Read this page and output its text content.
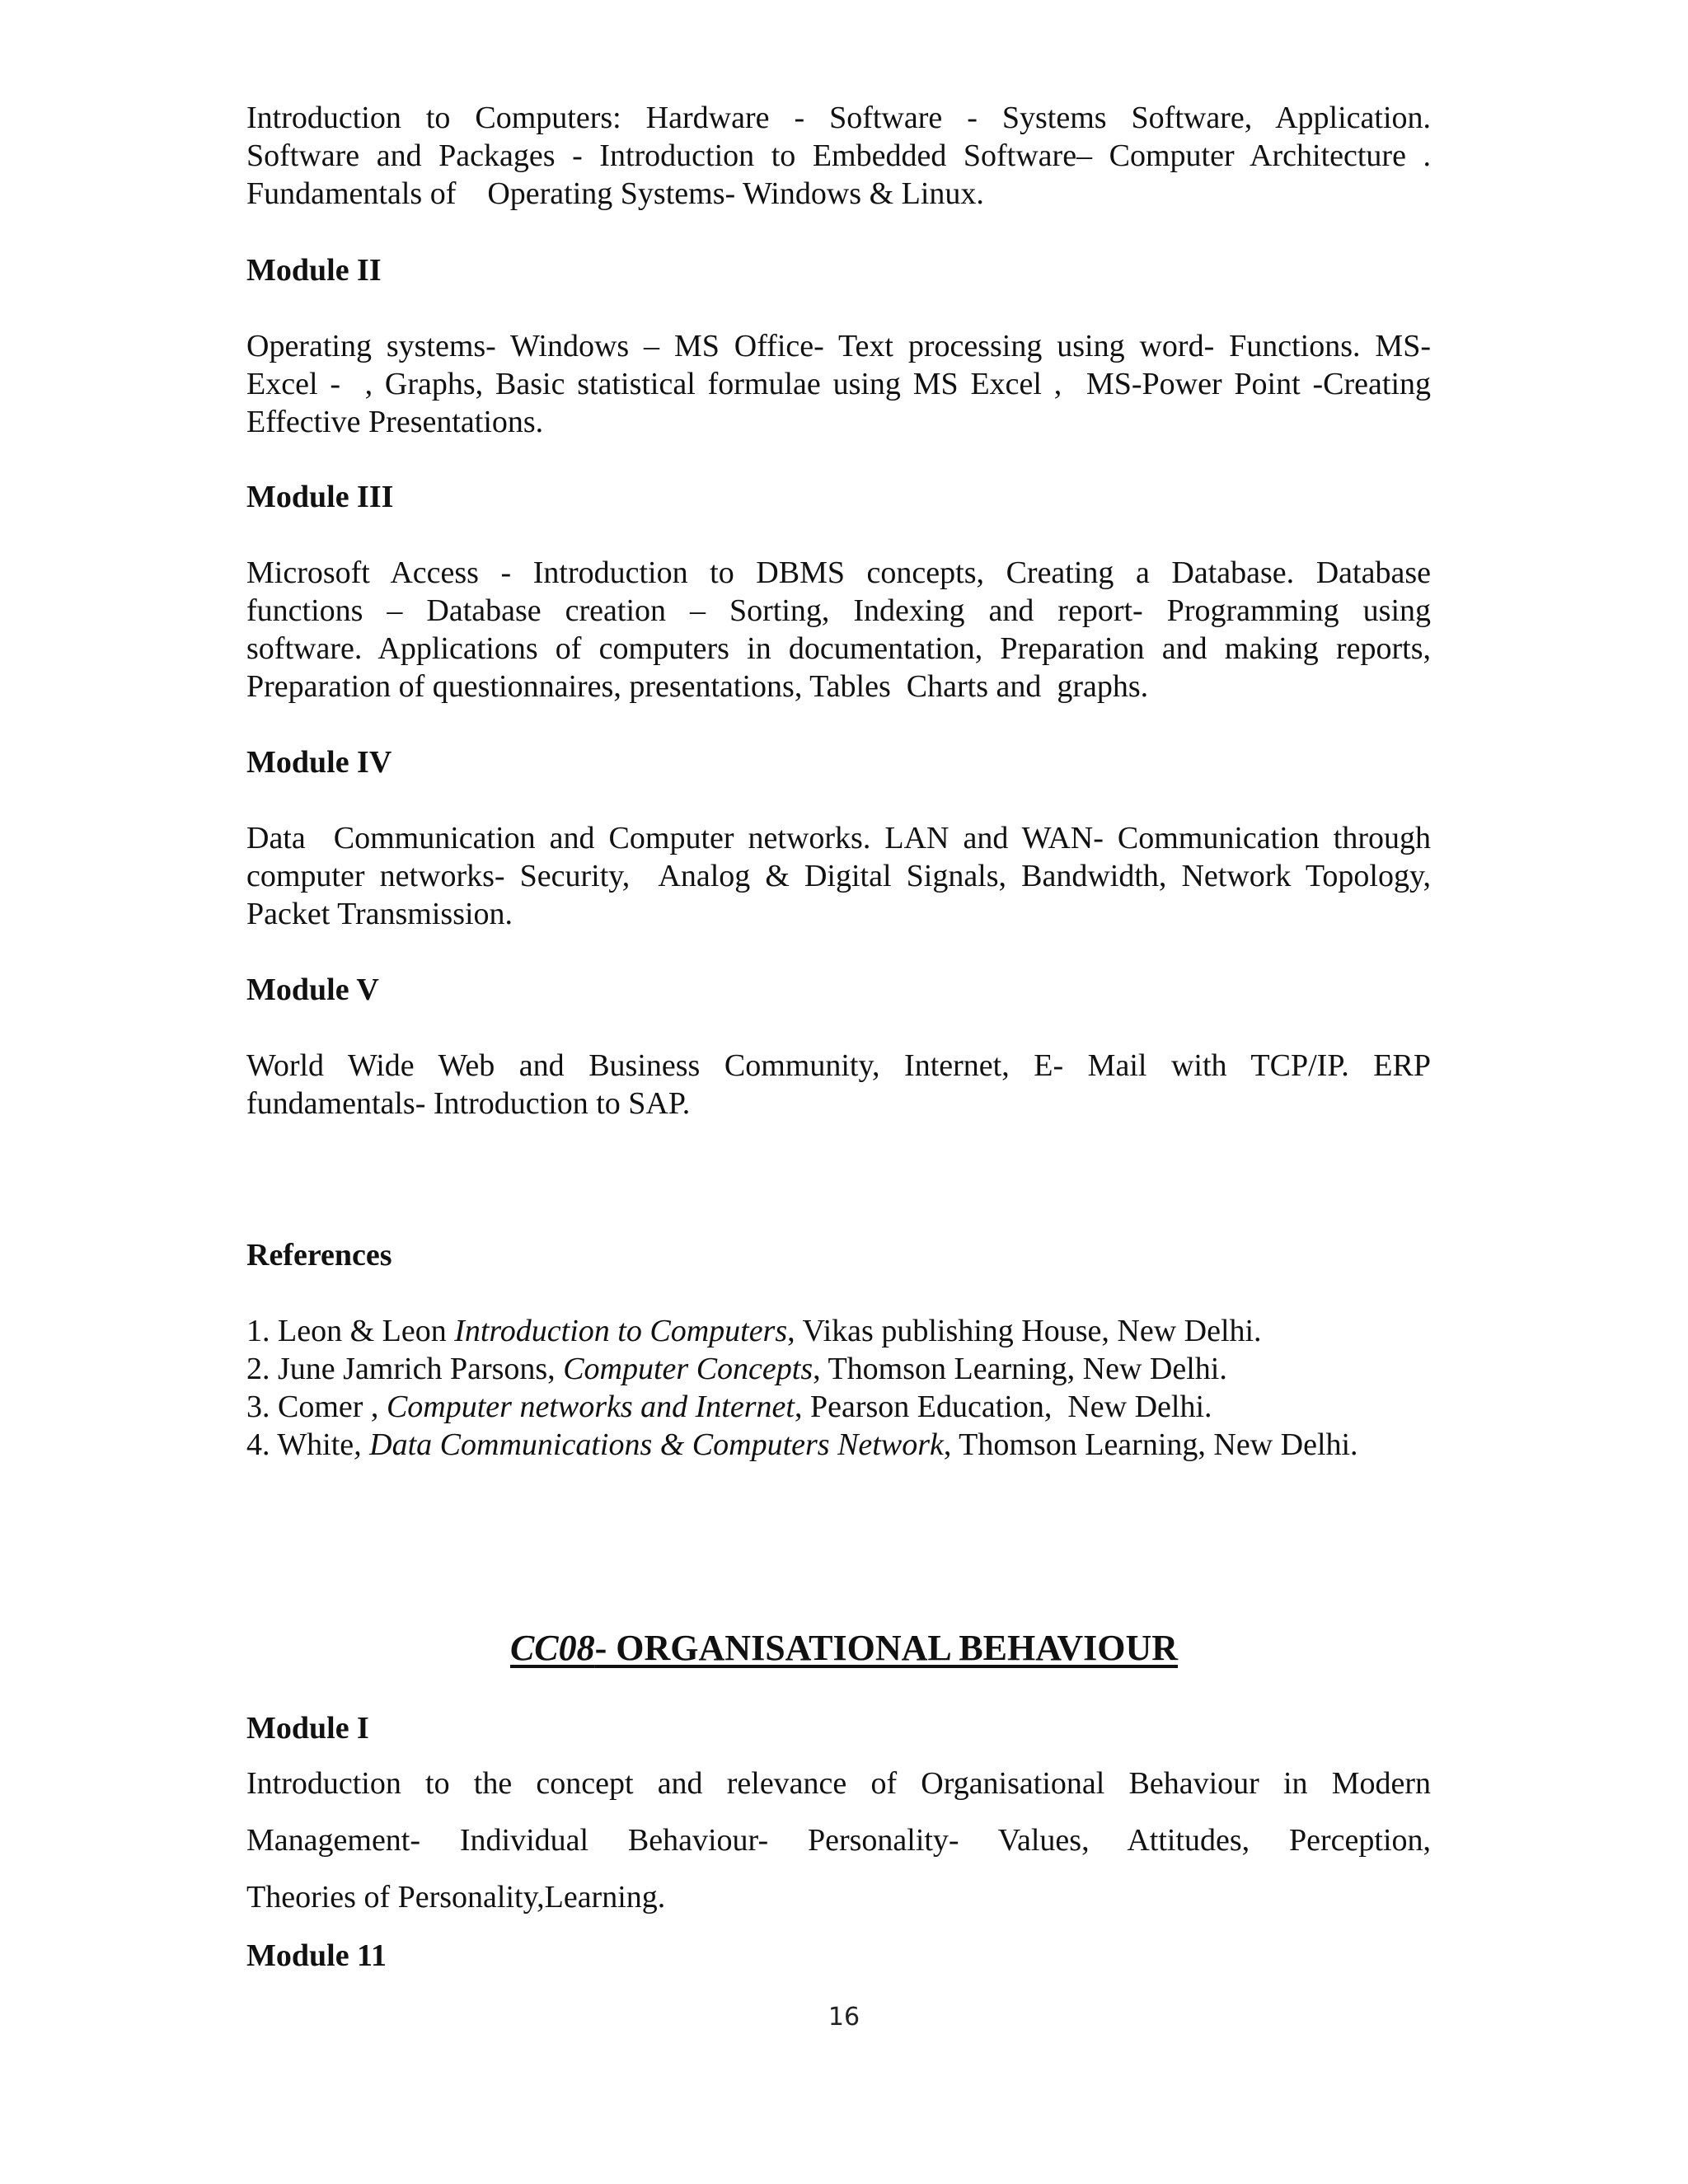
Introduction to Computers: Hardware - Software - Systems Software, Application.
Software and Packages - Introduction to Embedded Software– Computer Architecture .
Fundamentals of    Operating Systems- Windows & Linux.

Module II

Operating systems- Windows – MS Office- Text processing using word- Functions. MS-
Excel -  , Graphs, Basic statistical formulae using MS Excel ,  MS-Power Point -Creating
Effective Presentations.

Module III

Microsoft Access - Introduction to DBMS concepts, Creating a Database. Database
functions – Database creation – Sorting, Indexing and report- Programming using
software. Applications of computers in documentation, Preparation and making reports,
Preparation of questionnaires, presentations, Tables  Charts and  graphs.

Module IV

Data  Communication and Computer networks. LAN and WAN- Communication through
computer networks- Security,  Analog & Digital Signals, Bandwidth, Network Topology,
Packet Transmission.

Module V

World Wide Web and Business Community, Internet, E- Mail with TCP/IP. ERP
fundamentals- Introduction to SAP.

References
1. Leon & Leon Introduction to Computers, Vikas publishing House, New Delhi.
2. June Jamrich Parsons, Computer Concepts, Thomson Learning, New Delhi.
3. Comer , Computer networks and Internet, Pearson Education,  New Delhi.
4. White, Data Communications & Computers Network, Thomson Learning, New Delhi.
CC08- ORGANISATIONAL BEHAVIOUR
Module I

Introduction to the concept and relevance of Organisational Behaviour in Modern
Management- Individual Behaviour- Personality- Values, Attitudes, Perception,
Theories of Personality,Learning.

Module 11
16
